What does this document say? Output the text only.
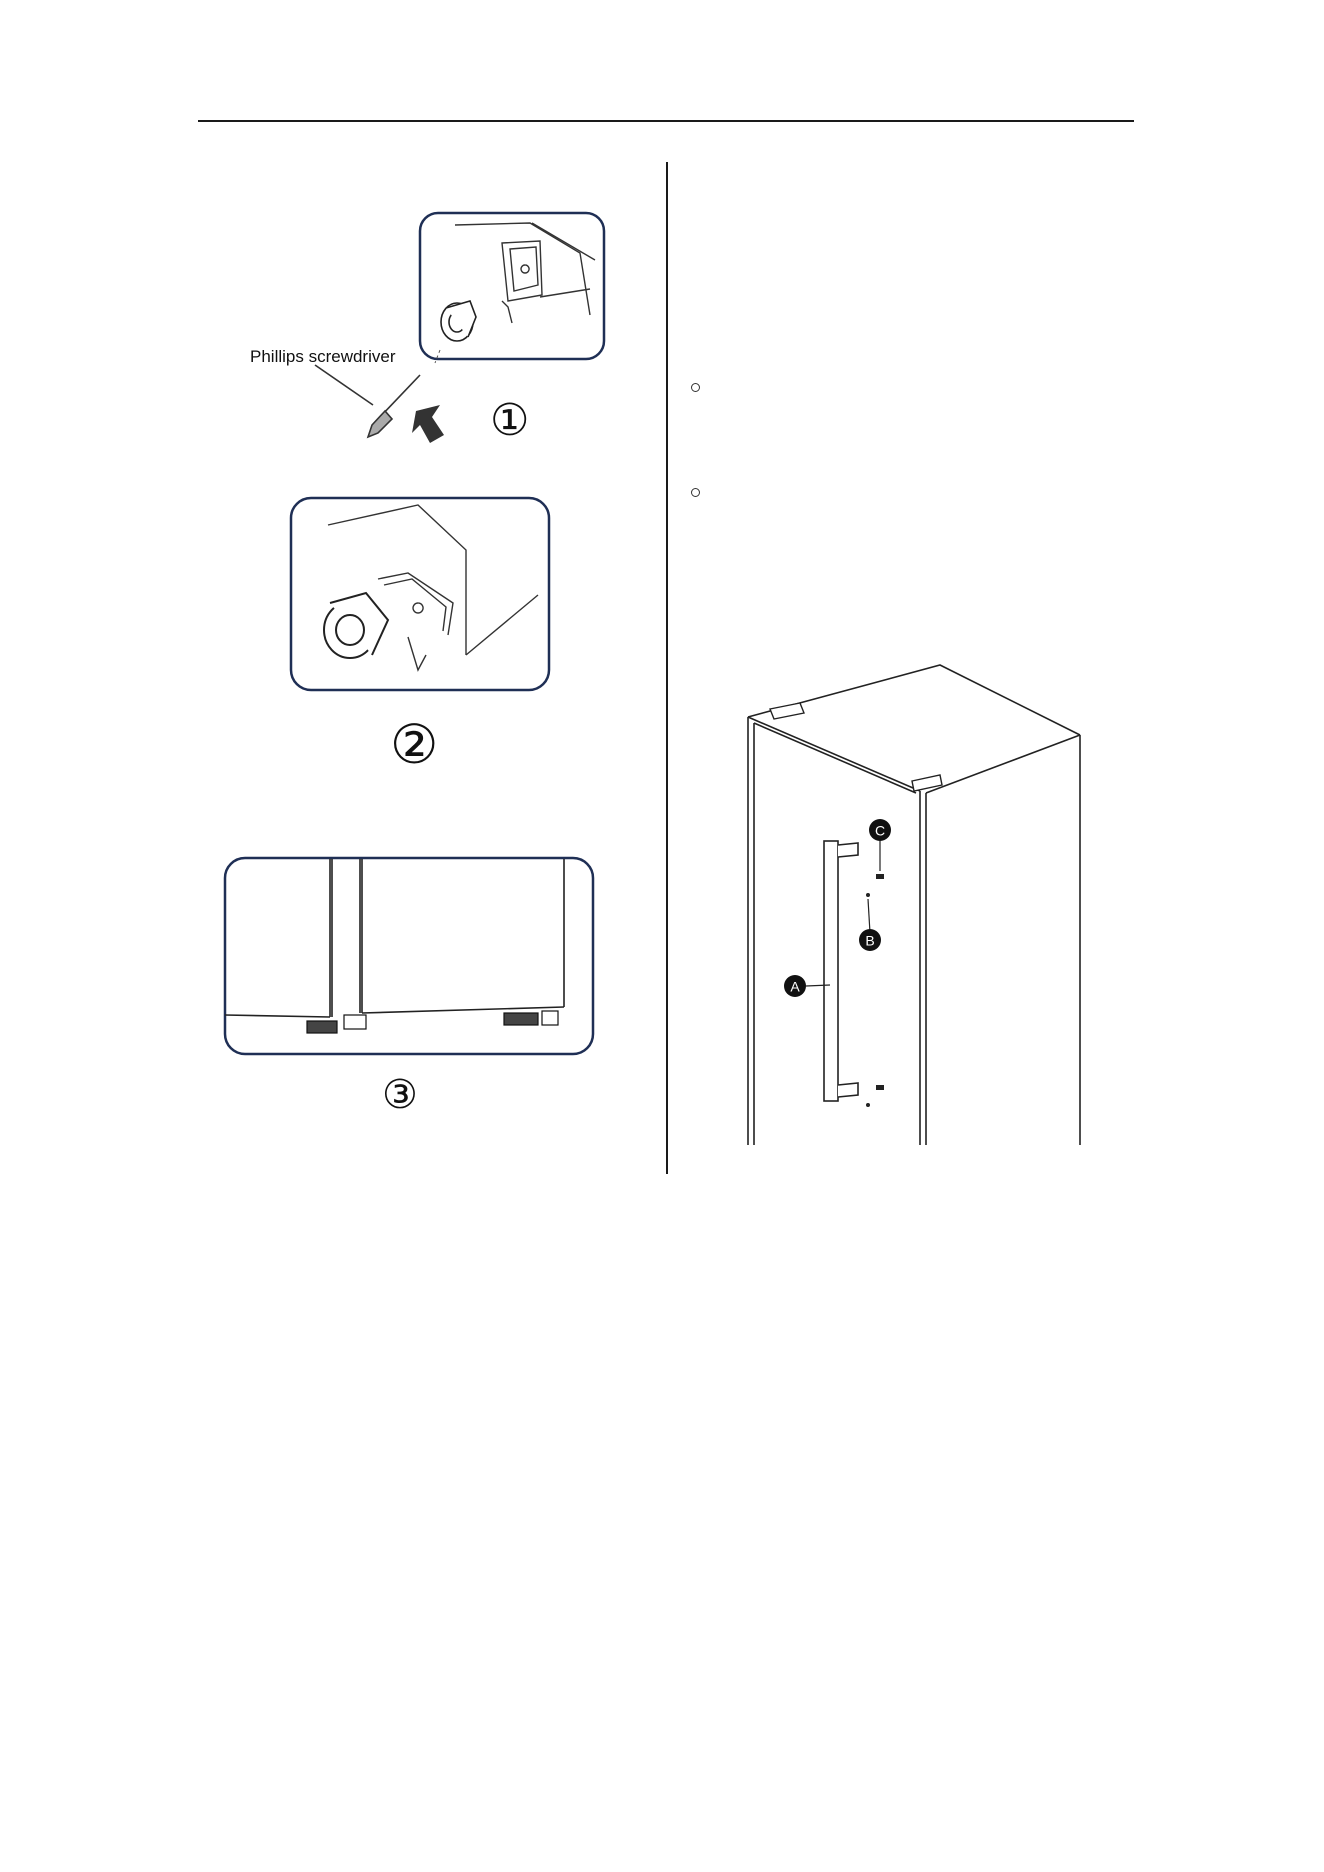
Phillips screwdriver
①
②
③
C
B
A
